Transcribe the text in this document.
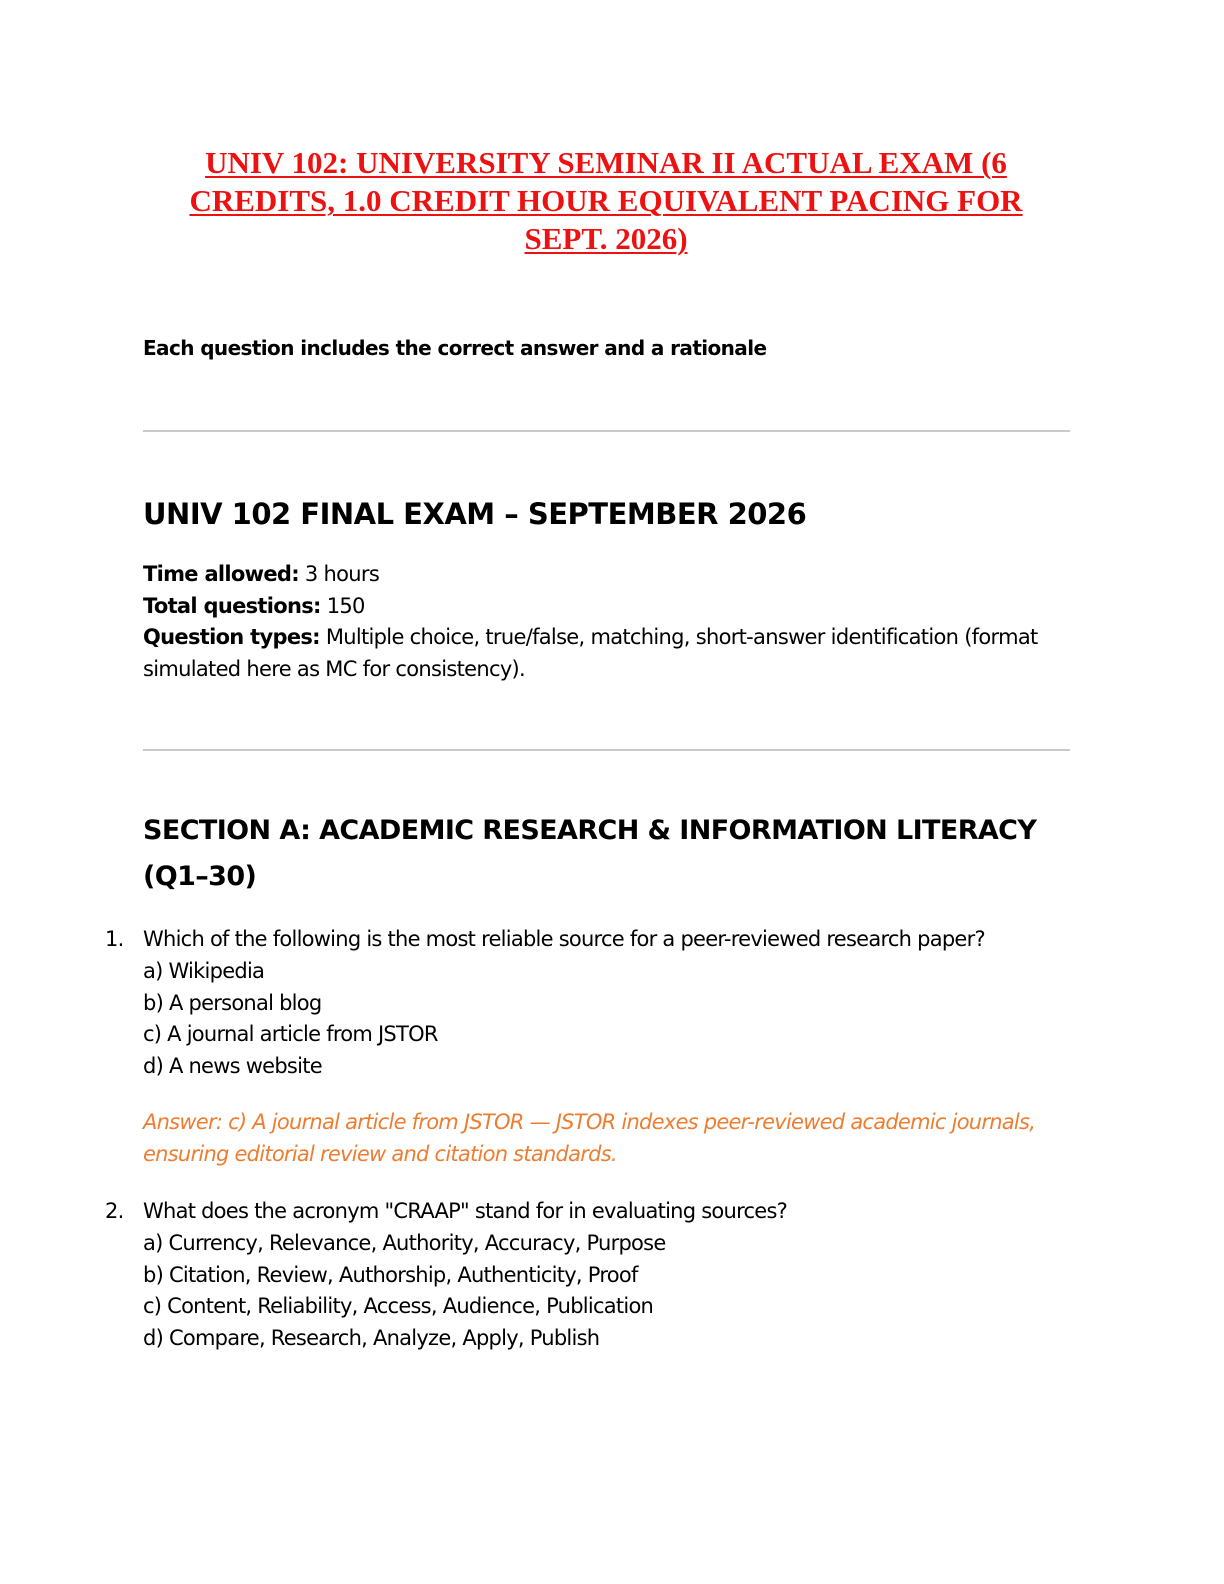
UNIV 102: UNIVERSITY SEMINAR II ACTUAL EXAM (6 CREDITS, 1.0 CREDIT HOUR EQUIVALENT PACING FOR SEPT. 2026)
Each question includes the correct answer and a rationale
UNIV 102 FINAL EXAM – SEPTEMBER 2026
Time allowed: 3 hours
Total questions: 150
Question types: Multiple choice, true/false, matching, short-answer identification (format simulated here as MC for consistency).
SECTION A: ACADEMIC RESEARCH & INFORMATION LITERACY (Q1–30)
1. Which of the following is the most reliable source for a peer-reviewed research paper?
a) Wikipedia
b) A personal blog
c) A journal article from JSTOR
d) A news website
Answer: c) A journal article from JSTOR — JSTOR indexes peer-reviewed academic journals, ensuring editorial review and citation standards.
2. What does the acronym "CRAAP" stand for in evaluating sources?
a) Currency, Relevance, Authority, Accuracy, Purpose
b) Citation, Review, Authorship, Authenticity, Proof
c) Content, Reliability, Access, Audience, Publication
d) Compare, Research, Analyze, Apply, Publish
